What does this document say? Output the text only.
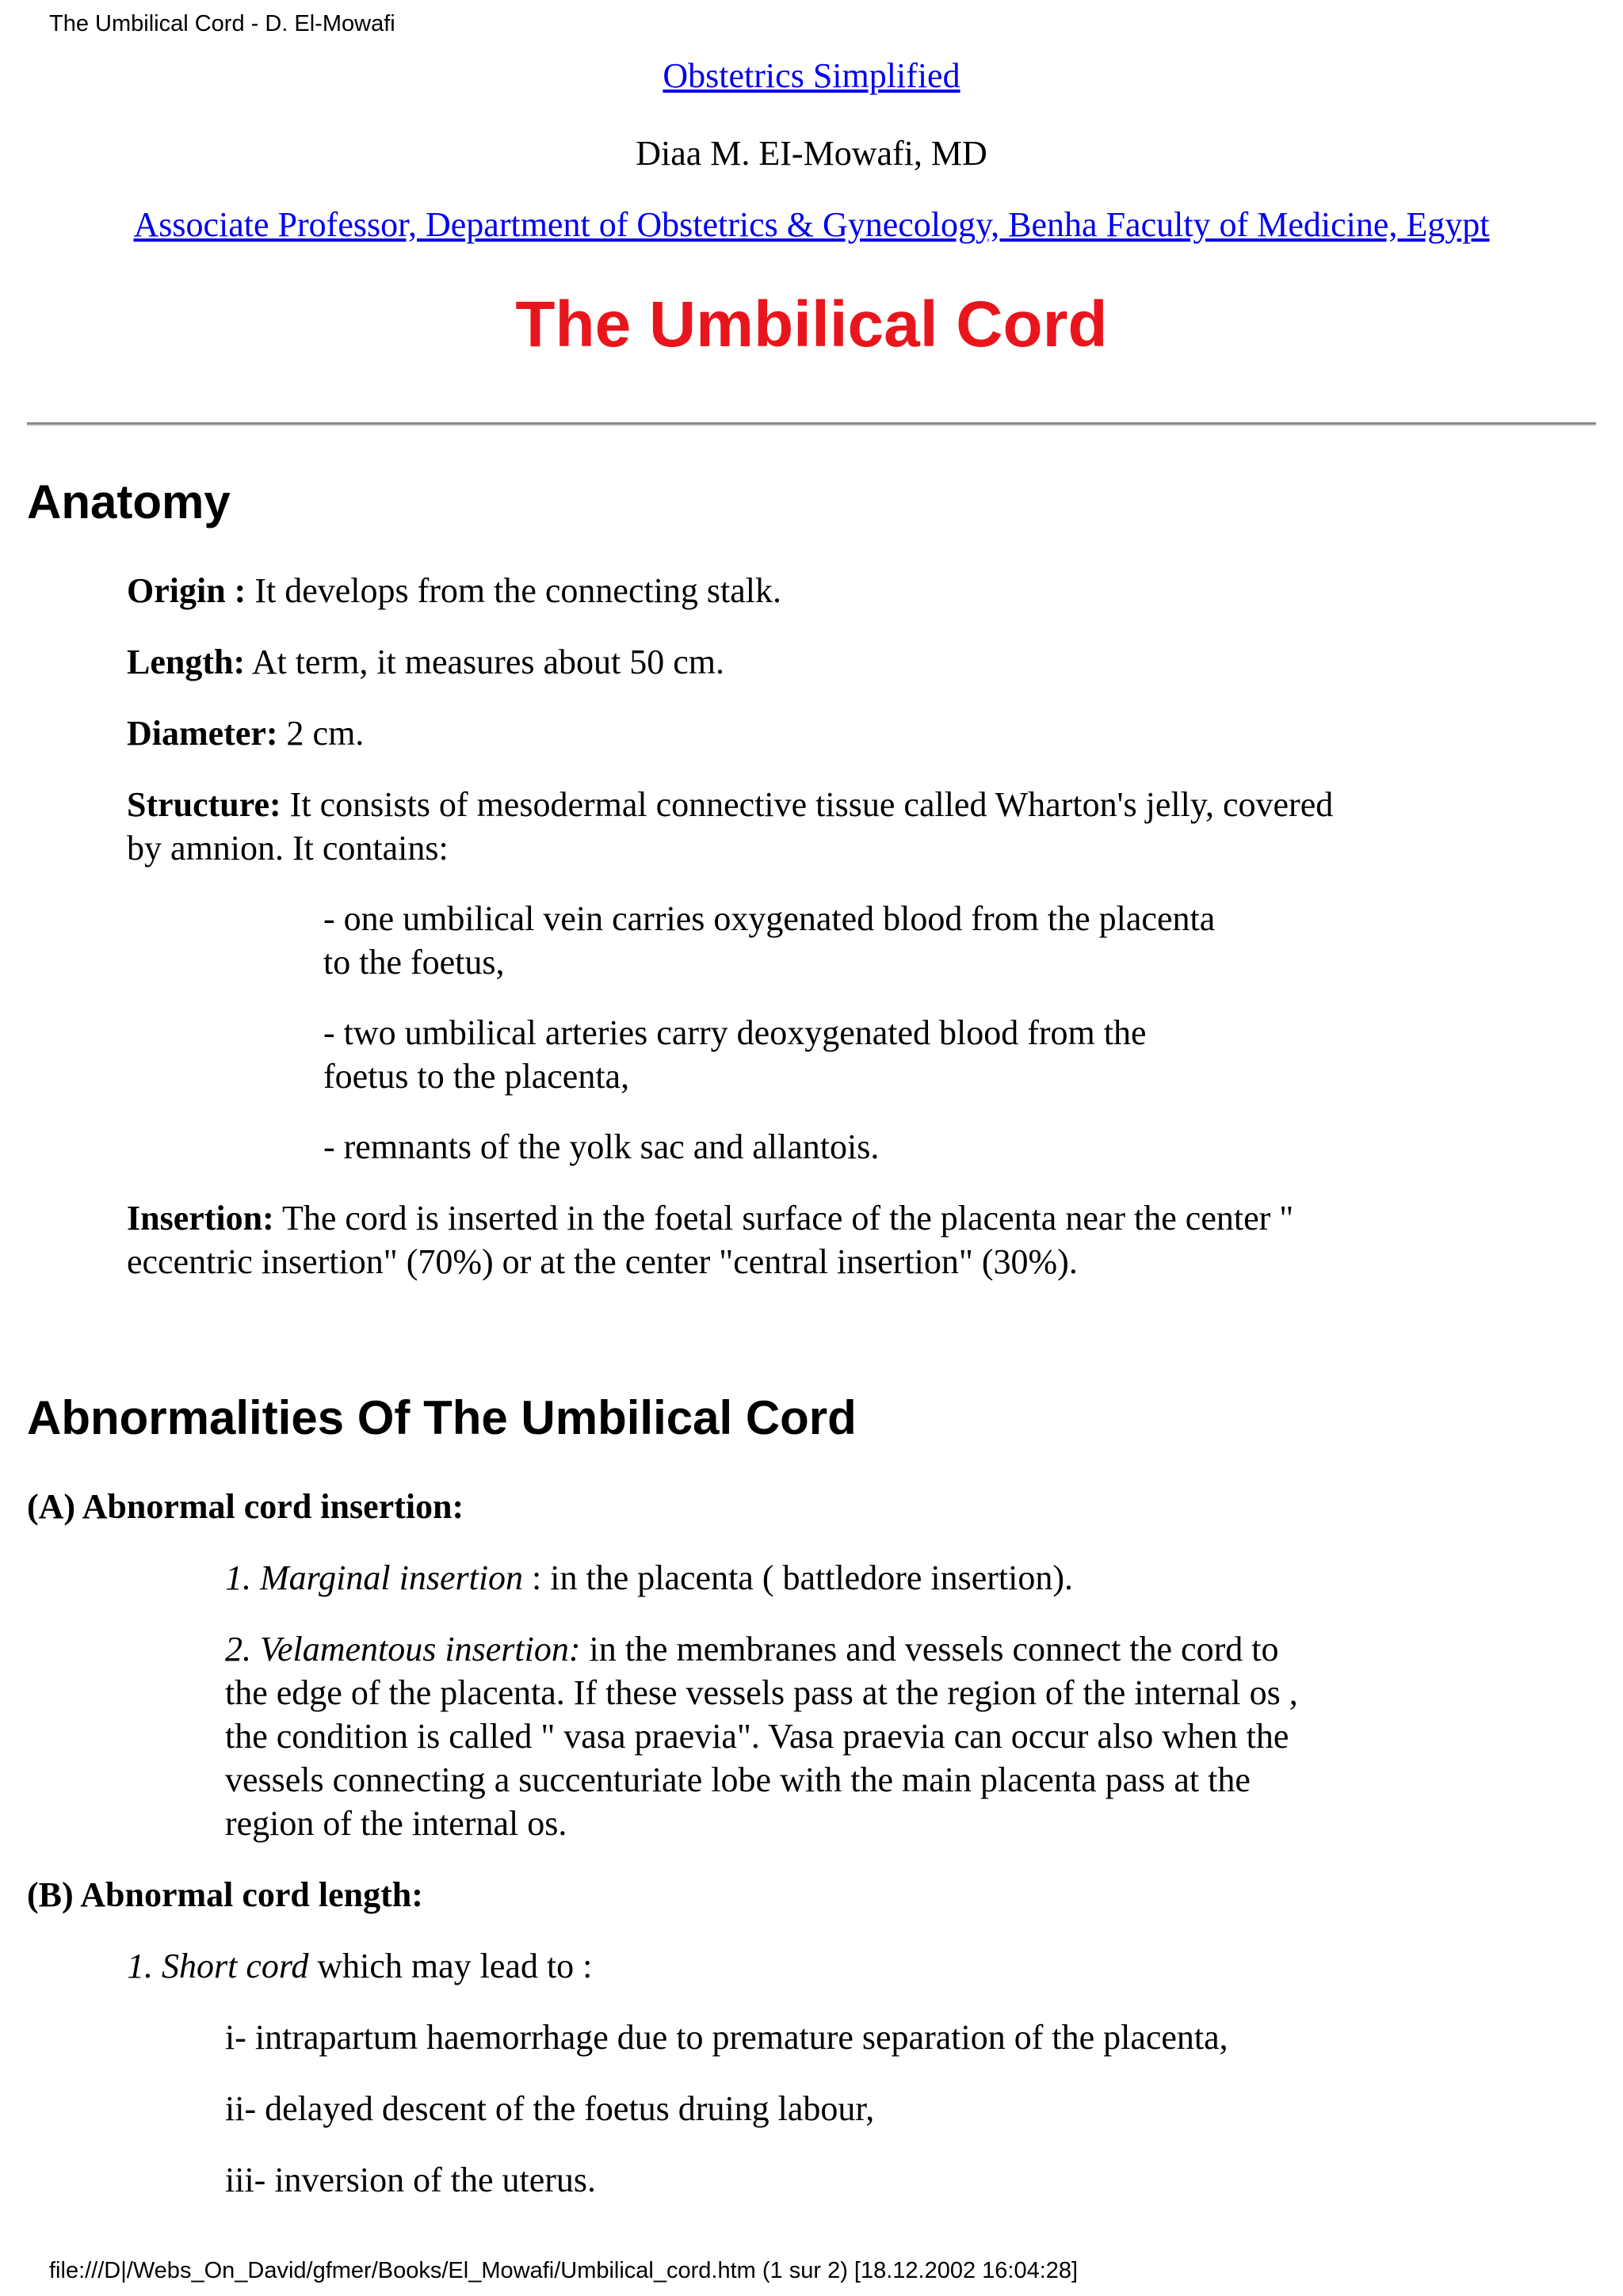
The Umbilical Cord - D. El-Mowafi
Obstetrics Simplified
Diaa M. EI-Mowafi, MD
Associate Professor, Department of Obstetrics & Gynecology, Benha Faculty of Medicine, Egypt
The Umbilical Cord
Anatomy
Origin : It develops from the connecting stalk.
Length: At term, it measures about 50 cm.
Diameter: 2 cm.
Structure: It consists of mesodermal connective tissue called Wharton's jelly, covered
by amnion. It contains:
- one umbilical vein carries oxygenated blood from the placenta
to the foetus,
- two umbilical arteries carry deoxygenated blood from the
foetus to the placenta,
- remnants of the yolk sac and allantois.
Insertion: The cord is inserted in the foetal surface of the placenta near the center "
eccentric insertion" (70%) or at the center "central insertion" (30%).
Abnormalities Of The Umbilical Cord
(A) Abnormal cord insertion:
1. Marginal insertion : in the placenta ( battledore insertion).
2. Velamentous insertion: in the membranes and vessels connect the cord to
the edge of the placenta. If these vessels pass at the region of the internal os ,
the condition is called " vasa praevia". Vasa praevia can occur also when the
vessels connecting a succenturiate lobe with the main placenta pass at the
region of the internal os.
(B) Abnormal cord length:
1. Short cord which may lead to :
i- intrapartum haemorrhage due to premature separation of the placenta,
ii- delayed descent of the foetus druing labour,
iii- inversion of the uterus.
file:///D|/Webs_On_David/gfmer/Books/El_Mowafi/Umbilical_cord.htm (1 sur 2) [18.12.2002 16:04:28]
